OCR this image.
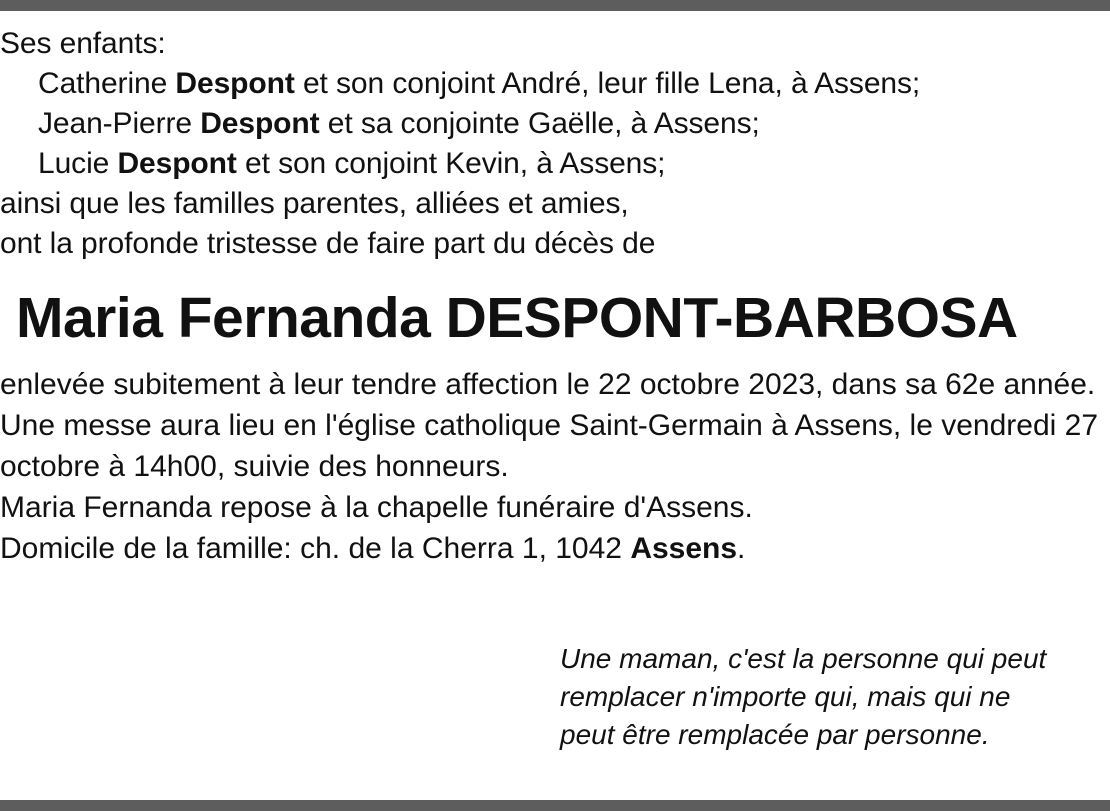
Ses enfants:
Catherine Despont et son conjoint André, leur fille Lena, à Assens;
Jean-Pierre Despont et sa conjointe Gaëlle, à Assens;
Lucie Despont et son conjoint Kevin, à Assens;
ainsi que les familles parentes, alliées et amies,
ont la profonde tristesse de faire part du décès de
Maria Fernanda DESPONT-BARBOSA
enlevée subitement à leur tendre affection le 22 octobre 2023, dans sa 62e année.
Une messe aura lieu en l'église catholique Saint-Germain à Assens, le vendredi 27 octobre à 14h00, suivie des honneurs.
Maria Fernanda repose à la chapelle funéraire d'Assens.
Domicile de la famille: ch. de la Cherra 1, 1042 Assens.
Une maman, c'est la personne qui peut remplacer n'importe qui, mais qui ne peut être remplacée par personne.
